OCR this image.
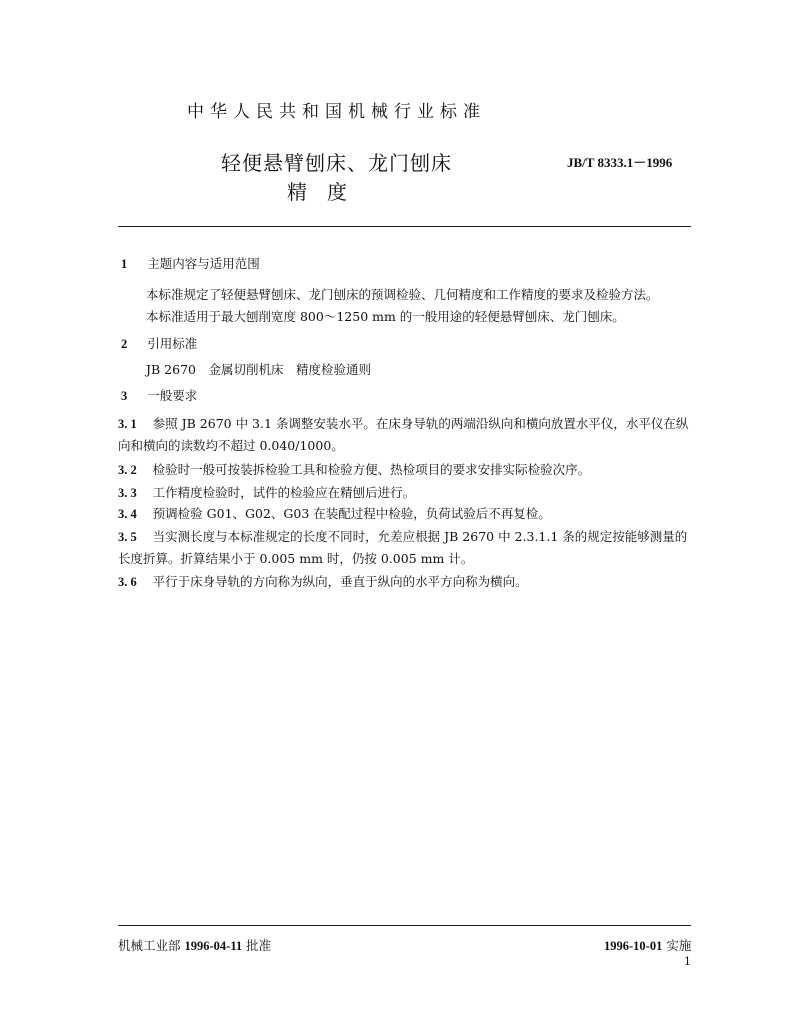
中华人民共和国机械行业标准
轻便悬臂刨床、龙门刨床
精　度
JB/T 8333.1－1996
1 主题内容与适用范围
本标准规定了轻便悬臂刨床、龙门刨床的预调检验、几何精度和工作精度的要求及检验方法。
本标准适用于最大刨削宽度 800～1250 mm 的一般用途的轻便悬臂刨床、龙门刨床。
2 引用标准
JB 2670　金属切削机床　精度检验通则
3 一般要求
3. 1 参照 JB 2670 中 3.1 条调整安装水平。在床身导轨的两端沿纵向和横向放置水平仪，水平仪在纵向和横向的读数均不超过 0.040/1000。
3. 2 检验时一般可按装拆检验工具和检验方便、热检项目的要求安排实际检验次序。
3. 3 工作精度检验时，试件的检验应在精刨后进行。
3. 4 预调检验 G01、G02、G03 在装配过程中检验，负荷试验后不再复检。
3. 5 当实测长度与本标准规定的长度不同时，允差应根据 JB 2670 中 2.3.1.1 条的规定按能够测量的长度折算。折算结果小于 0.005 mm 时，仍按 0.005 mm 计。
3. 6 平行于床身导轨的方向称为纵向，垂直于纵向的水平方向称为横向。
机械工业部 1996-04-11 批准	1996-10-01 实施
1
